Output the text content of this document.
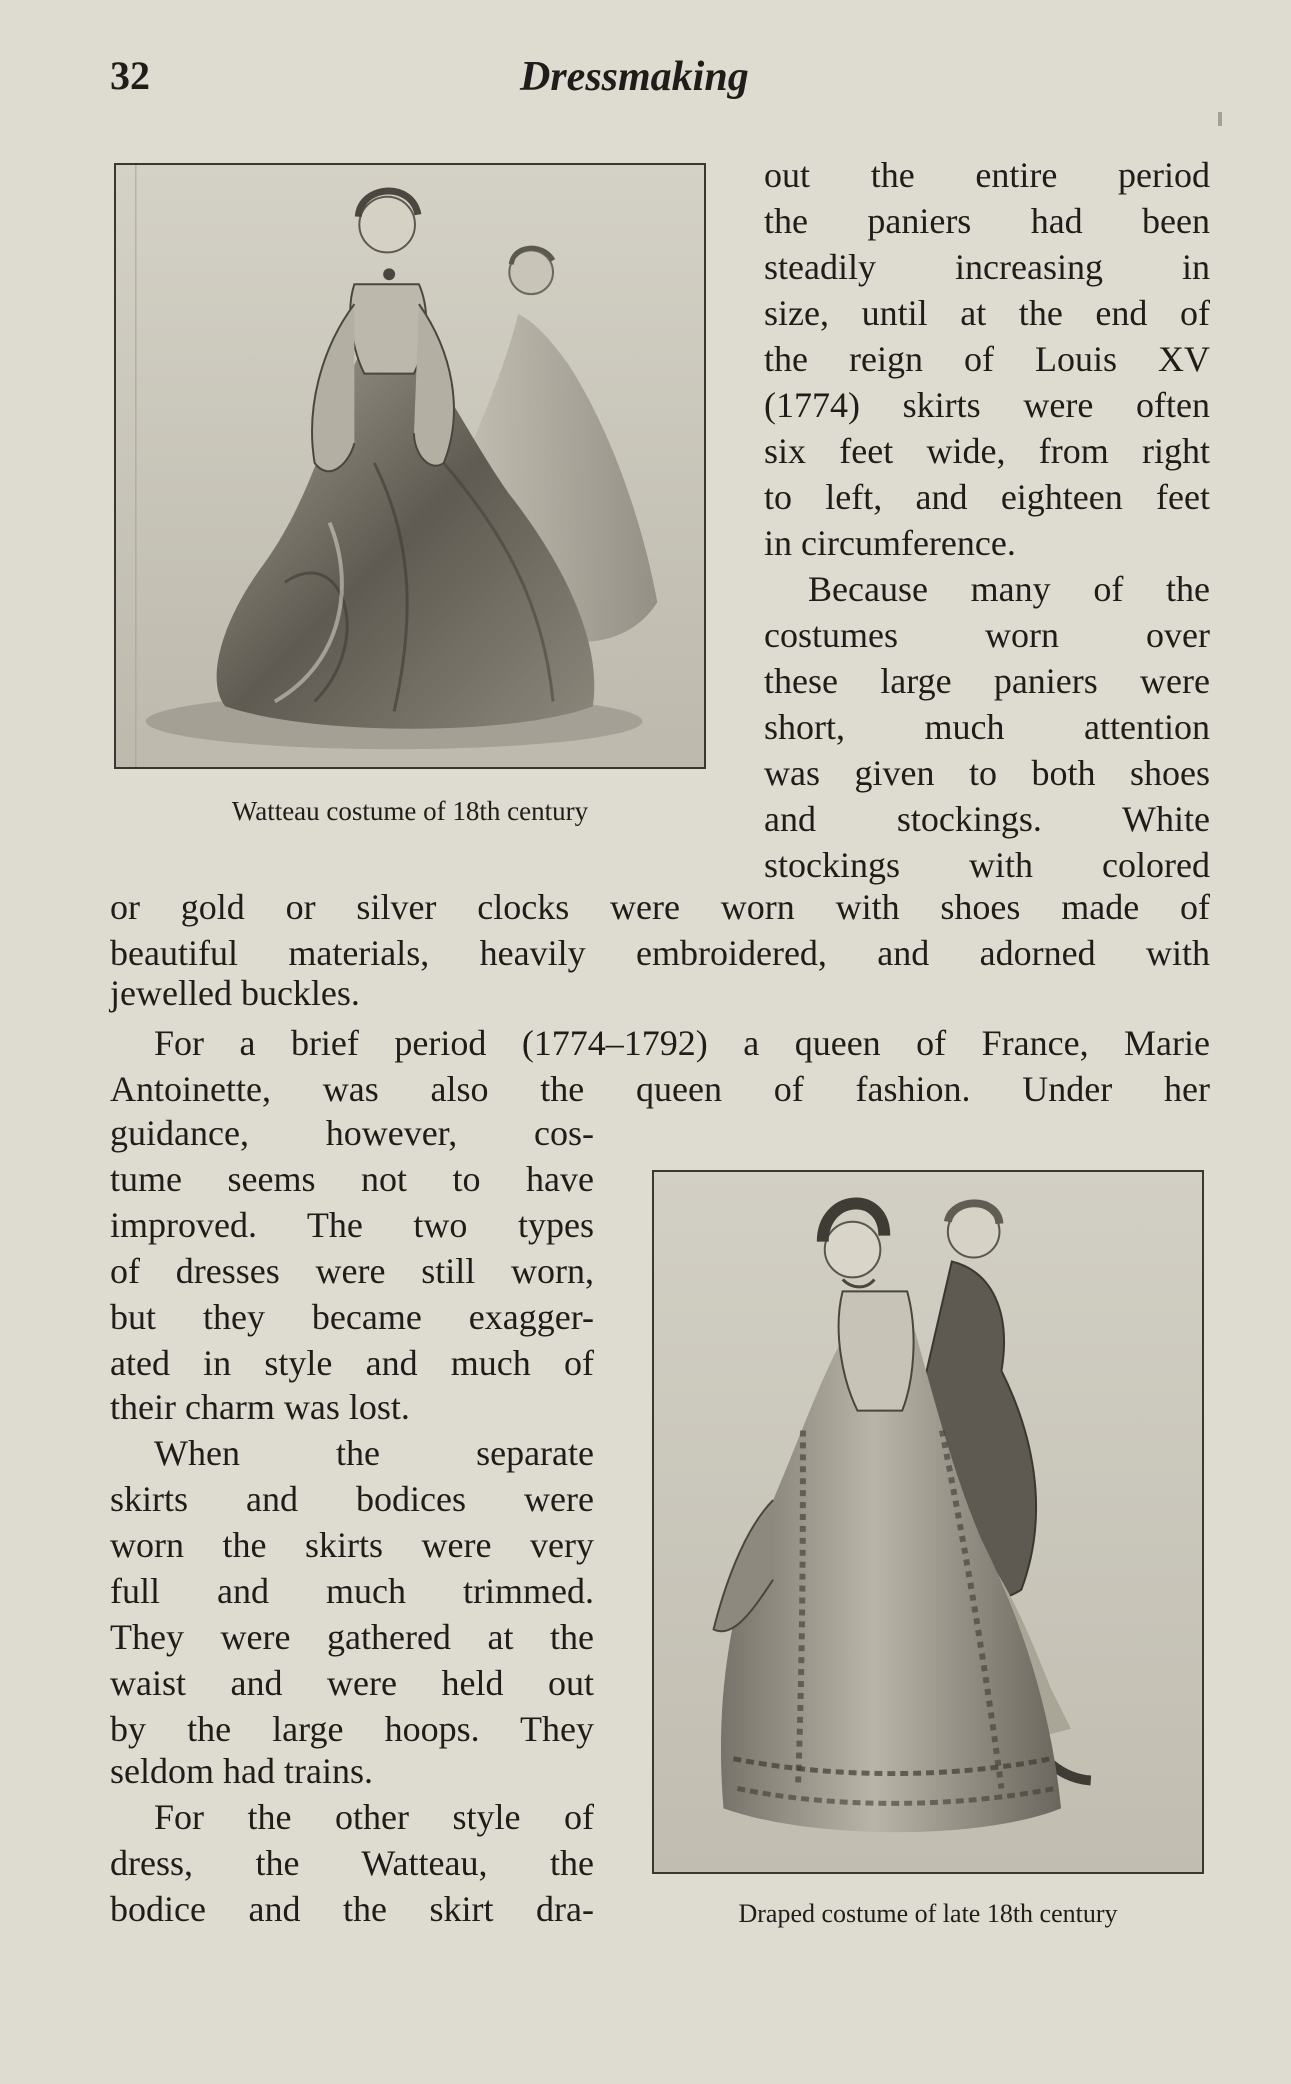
32	Dressmaking

Watteau costume of 18th century

out the entire period

the paniers had been

steadily increasing in

size, until at the end of

the reign of Louis XV

(1774) skirts were often

six feet wide, from right

to left, and eighteen feet

in circumference.

Because many of the

costumes worn over

these large paniers were

short, much attention

was given to both shoes

and stockings. White

stockings with colored

or gold or silver clocks were worn with shoes made of

beautiful materials, heavily embroidered, and adorned with

jewelled buckles.

For a brief period (1774–1792) a queen of France, Marie

Antoinette, was also the queen of fashion. Under her

guidance, however, cos-

tume seems not to have

improved. The two types

of dresses were still worn,

but they became exagger-

ated in style and much of

their charm was lost.

When the separate

skirts and bodices were

worn the skirts were very

full and much trimmed.

They were gathered at the

waist and were held out

by the large hoops. They

seldom had trains.

For the other style of

dress, the Watteau, the

bodice and the skirt dra-	Draped costume of late 18th century
